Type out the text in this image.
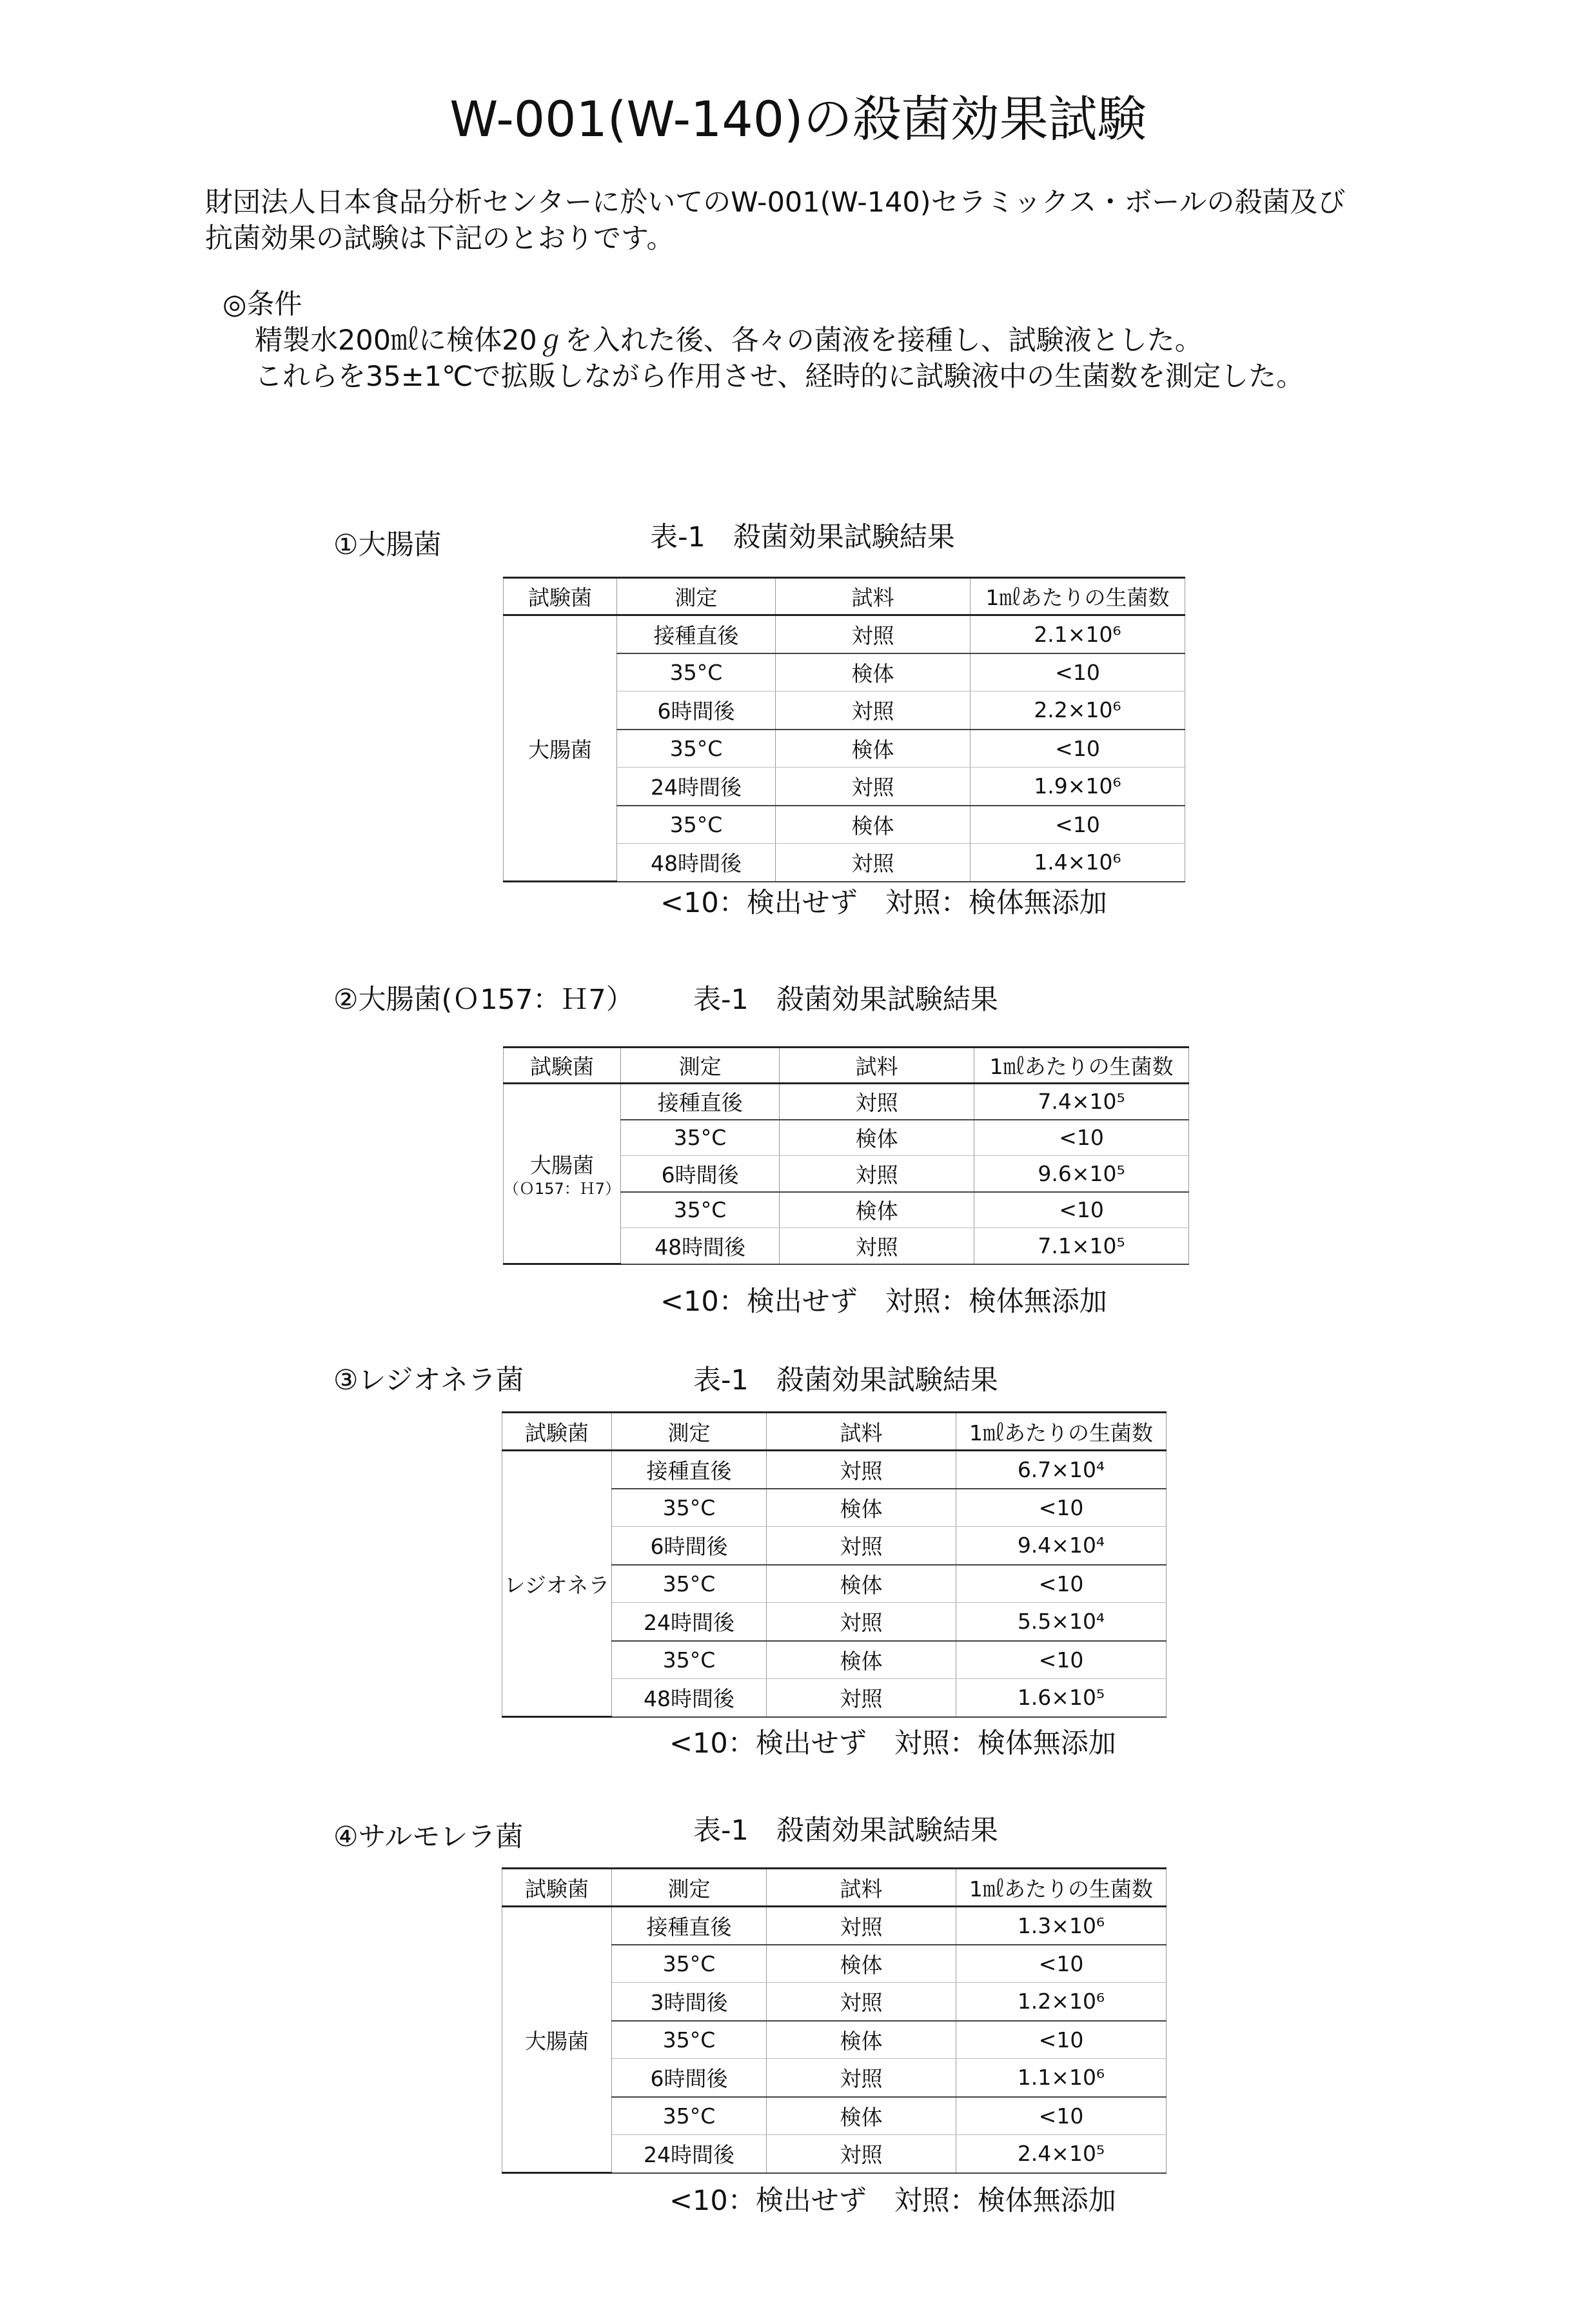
W-001(W-140)の殺菌効果試験
財団法人日本食品分析センターに於いてのW-001(W-140)セラミックス・ボールの殺菌及び
抗菌効果の試験は下記のとおりです。
◎条件
精製水200㎖に検体20ℊを入れた後、各々の菌液を接種し、試験液とした。
これらを35±1℃で拡販しながら作用させ、経時的に試験液中の生菌数を測定した。
①大腸菌	表-1　殺菌効果試験結果
試験菌	測定	試料	1㎖あたりの生菌数

大腸菌	接種直後	対照	2.1×10⁶
	35°C	検体	<10
	6時間後	対照	2.2×10⁶
	35°C	検体	<10
	24時間後	対照	1.9×10⁶
	35°C	検体	<10
	48時間後	対照	1.4×10⁶
<10：検出せず　対照：検体無添加
②大腸菌(Ｏ157：Ｈ7） 表-1　殺菌効果試験結果
試験菌	測定	試料	1㎖あたりの生菌数

大腸菌
（Ｏ157：Ｈ7）	接種直後	対照	7.4×10⁵
	35°C	検体	<10
	6時間後	対照	9.6×10⁵
	35°C	検体	<10
	48時間後	対照	7.1×10⁵
<10：検出せず　対照：検体無添加
③レジオネラ菌	表-1　殺菌効果試験結果
試験菌	測定	試料	1㎖あたりの生菌数

レジオネラ	接種直後	対照	6.7×10⁴
	35°C	検体	<10
	6時間後	対照	9.4×10⁴
	35°C	検体	<10
	24時間後	対照	5.5×10⁴
	35°C	検体	<10
	48時間後	対照	1.6×10⁵
<10：検出せず　対照：検体無添加
④サルモレラ菌	表-1　殺菌効果試験結果
試験菌	測定	試料	1㎖あたりの生菌数

大腸菌	接種直後	対照	1.3×10⁶
	35°C	検体	<10
	3時間後	対照	1.2×10⁶
	35°C	検体	<10
	6時間後	対照	1.1×10⁶
	35°C	検体	<10
	24時間後	対照	2.4×10⁵
<10：検出せず　対照：検体無添加
